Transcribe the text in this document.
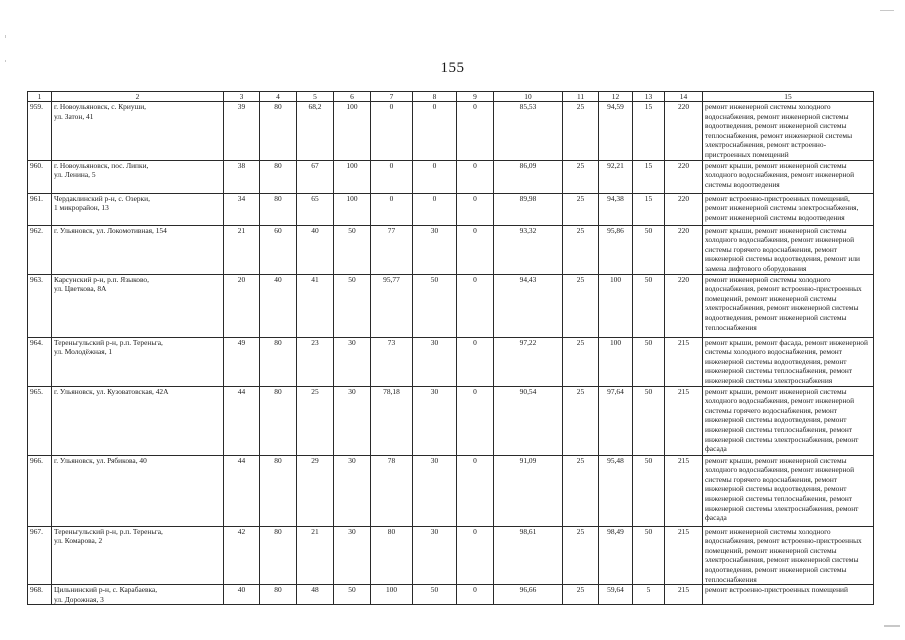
155
1	2	3	4	5	6	7	8	9	10	11	12	13	14	15
959.	г. Новоульяновск, с. Криуши,
ул. Затон, 41	39	80	68,2	100	0	0	0	85,53	25	94,59	15	220	ремонт инженерной системы холодного водоснабжения, ремонт инженерной системы водоотведения, ремонт инженерной системы теплоснабжения, ремонт инженерной системы электроснабжения, ремонт встроенно-пристроенных помещений
960.	г. Новоульяновск, пос. Липки,
ул. Ленина, 5	38	80	67	100	0	0	0	86,09	25	92,21	15	220	ремонт крыши, ремонт инженерной системы холодного водоснабжения, ремонт инженерной системы водоотведения
961.	Чердаклинский р-н, с. Озерки,
1 микрорайон, 13	34	80	65	100	0	0	0	89,98	25	94,38	15	220	ремонт встроенно-пристроенных помещений, ремонт инженерной системы электроснабжения, ремонт инженерной системы водоотведения
962.	г. Ульяновск, ул. Локомотивная, 154	21	60	40	50	77	30	0	93,32	25	95,86	50	220	ремонт крыши, ремонт инженерной системы холодного водоснабжения, ремонт инженерной системы горячего водоснабжения, ремонт инженерной системы водоотведения, ремонт или замена лифтового оборудования
963.	Карсунский р-н, р.п. Языково,
ул. Цветкова, 8А	20	40	41	50	95,77	50	0	94,43	25	100	50	220	ремонт инженерной системы холодного водоснабжения, ремонт встроенно-пристроенных помещений, ремонт инженерной системы электроснабжения, ремонт инженерной системы водоотведения, ремонт инженерной системы теплоснабжения
964.	Тереньгульский р-н, р.п. Тереньга,
ул. Молодёжная, 1	49	80	23	30	73	30	0	97,22	25	100	50	215	ремонт крыши, ремонт фасада, ремонт инженерной системы холодного водоснабжения, ремонт инженерной системы водоотведения, ремонт инженерной системы теплоснабжения, ремонт инженерной системы электроснабжения
965.	г. Ульяновск, ул. Кузоватовская, 42А	44	80	25	30	78,18	30	0	90,54	25	97,64	50	215	ремонт крыши, ремонт инженерной системы холодного водоснабжения, ремонт инженерной системы горячего водоснабжения, ремонт инженерной системы водоотведения, ремонт инженерной системы теплоснабжения, ремонт инженерной системы электроснабжения, ремонт фасада
966.	г. Ульяновск, ул. Рябикова, 40	44	80	29	30	78	30	0	91,09	25	95,48	50	215	ремонт крыши, ремонт инженерной системы холодного водоснабжения, ремонт инженерной системы горячего водоснабжения, ремонт инженерной системы водоотведения, ремонт инженерной системы теплоснабжения, ремонт инженерной системы электроснабжения, ремонт фасада
967.	Тереньгульский р-н, р.п. Тереньга,
ул. Комарова, 2	42	80	21	30	80	30	0	98,61	25	98,49	50	215	ремонт инженерной системы холодного водоснабжения, ремонт встроенно-пристроенных помещений, ремонт инженерной системы электроснабжения, ремонт инженерной системы водоотведения, ремонт инженерной системы теплоснабжения
968.	Цильнинский р-н, с. Карабаевка,
ул. Дорожная, 3	40	80	48	50	100	50	0	96,66	25	59,64	5	215	ремонт встроенно-пристроенных помещений
